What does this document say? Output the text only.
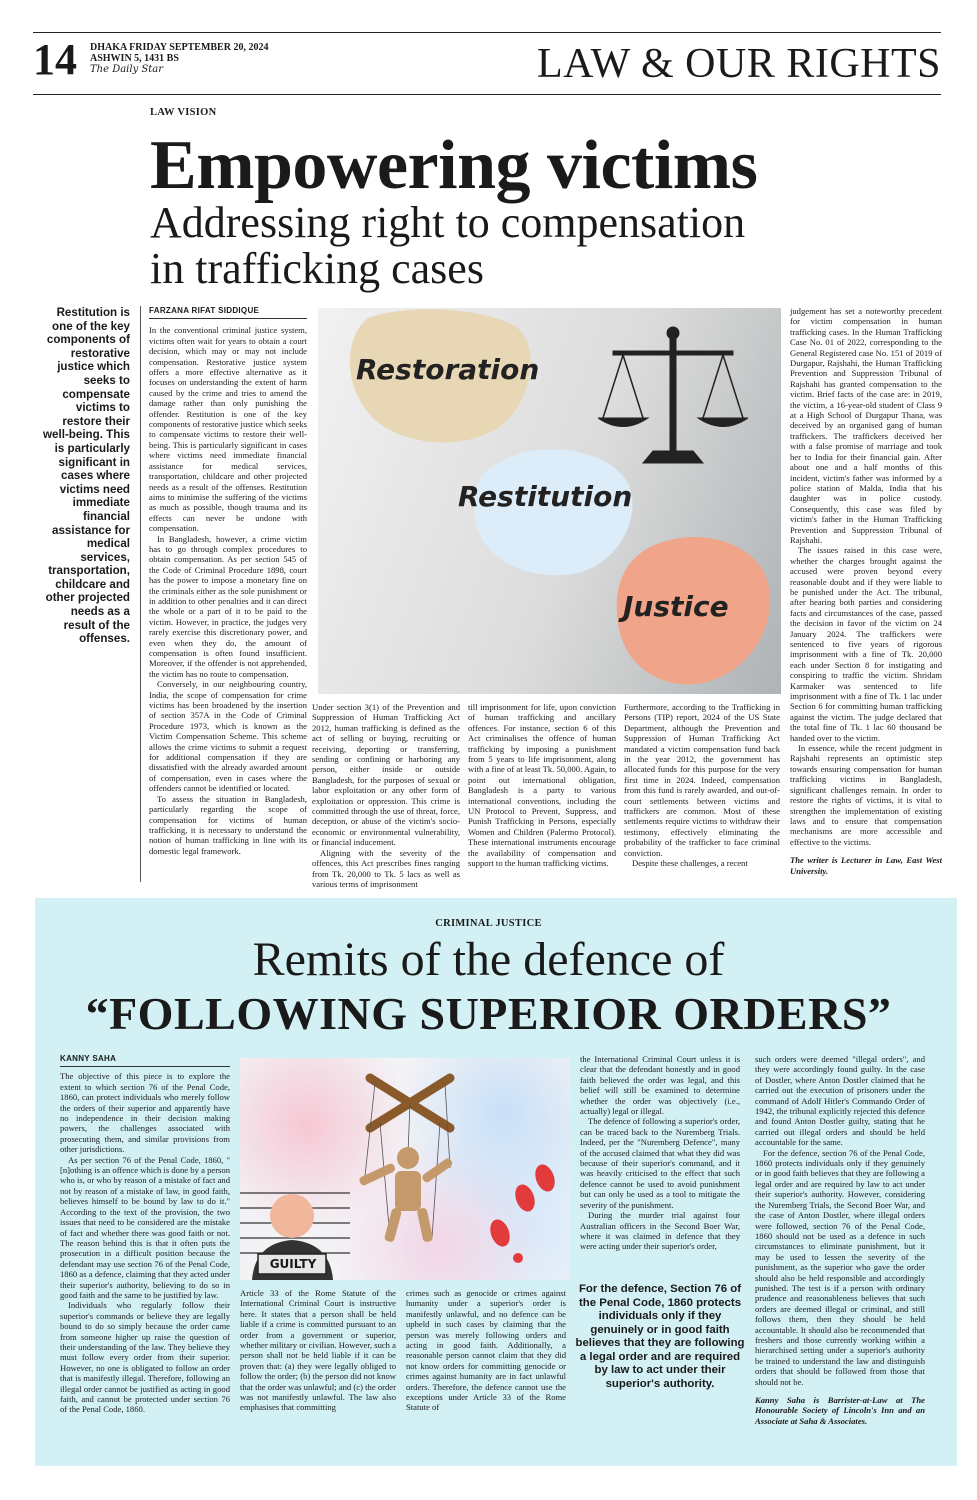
14 DHAKA FRIDAY SEPTEMBER 20, 2024
ASHWIN 5, 1431 BS
The Daily Star	LAW & OUR RIGHTS
LAW VISION
Empowering victims
Addressing right to compensation
in trafficking cases
Restitution is one of the key components of restorative justice which seeks to compensate victims to restore their well-being. This is particularly significant in cases where victims need immediate financial assistance for medical services, transportation, childcare and other projected needs as a result of the offenses.
FARZANA RIFAT SIDDIQUE

In the conventional criminal justice system, victims often wait for years to obtain a court decision, which may or may not include compensation. Restorative justice system offers a more effective alternative as it focuses on understanding the extent of harm caused by the crime and tries to amend the damage rather than only punishing the offender. Restitution is one of the key components of restorative justice which seeks to compensate victims to restore their well-being. This is particularly significant in cases where victims need immediate financial assistance for medical services, transportation, childcare and other projected needs as a result of the offenses. Restitution aims to minimise the suffering of the victims as much as possible, though trauma and its effects can never be undone with compensation.

In Bangladesh, however, a crime victim has to go through complex procedures to obtain compensation. As per section 545 of the Code of Criminal Procedure 1898, court has the power to impose a monetary fine on the criminals either as the sole punishment or in addition to other penalties and it can direct the whole or a part of it to be paid to the victim. However, in practice, the judges very rarely exercise this discretionary power, and even when they do, the amount of compensation is often found insufficient. Moreover, if the offender is not apprehended, the victim has no route to compensation.

Conversely, in our neighbouring country, India, the scope of compensation for crime victims has been broadened by the insertion of section 357A in the Code of Criminal Procedure 1973, which is known as the Victim Compensation Scheme. This scheme allows the crime victims to submit a request for additional compensation if they are dissatisfied with the already awarded amount of compensation, even in cases where the offenders cannot be identified or located.

To assess the situation in Bangladesh, particularly regarding the scope of compensation for victims of human trafficking, it is necessary to understand the notion of human trafficking in line with its domestic legal framework.

Restoration
Restitution
Justice

Under section 3(1) of the Prevention and Suppression of Human Trafficking Act 2012, human trafficking is defined as the act of selling or buying, recruiting or receiving, deporting or transferring, sending or confining or harboring any person, either inside or outside Bangladesh, for the purposes of sexual or labor exploitation or any other form of exploitation or oppression. This crime is committed through the use of threat, force, deception, or abuse of the victim's socio-economic or environmental vulnerability, or financial inducement.

Aligning with the severity of the offences, this Act prescribes fines ranging from Tk. 20,000 to Tk. 5 lacs as well as various terms of imprisonment

till imprisonment for life, upon conviction of human trafficking and ancillary offences. For instance, section 6 of this Act criminalises the offence of human trafficking by imposing a punishment from 5 years to life imprisonment, along with a fine of at least Tk. 50,000. Again, to point out international obligation, Bangladesh is a party to various international conventions, including the UN Protocol to Prevent, Suppress, and Punish Trafficking in Persons, especially Women and Children (Palermo Protocol). These international instruments encourage the availability of compensation and support to the human trafficking victims.

Furthermore, according to the Trafficking in Persons (TIP) report, 2024 of the US State Department, although the Prevention and Suppression of Human Trafficking Act mandated a victim compensation fund back in the year 2012, the government has allocated funds for this purpose for the very first time in 2024. Indeed, compensation from this fund is rarely awarded, and out-of-court settlements between victims and traffickers are common. Most of these settlements require victims to withdraw their testimony, effectively eliminating the probability of the trafficker to face criminal conviction.

Despite these challenges, a recent

judgement has set a noteworthy precedent for victim compensation in human trafficking cases. In the Human Trafficking Case No. 01 of 2022, corresponding to the General Registered case No. 151 of 2019 of Durgapur, Rajshahi, the Human Trafficking Prevention and Suppression Tribunal of Rajshahi has granted compensation to the victim. Brief facts of the case are: in 2019, the victim, a 16-year-old student of Class 9 at a High School of Durgapur Thana, was deceived by an organised gang of human traffickers. The traffickers deceived her with a false promise of marriage and took her to India for their financial gain. After about one and a half months of this incident, victim's father was informed by a police station of Malda, India that his daughter was in police custody. Consequently, this case was filed by victim's father in the Human Trafficking Prevention and Suppression Tribunal of Rajshahi.

The issues raised in this case were, whether the charges brought against the accused were proven beyond every reasonable doubt and if they were liable to be punished under the Act. The tribunal, after hearing both parties and considering facts and circumstances of the case, passed the decision in favor of the victim on 24 January 2024. The traffickers were sentenced to five years of rigorous imprisonment with a fine of Tk. 20,000 each under Section 8 for instigating and conspiring to traffic the victim. Shridam Karmaker was sentenced to life imprisonment with a fine of Tk. 1 lac under Section 6 for committing human trafficking against the victim. The judge declared that the total fine of Tk. 1 lac 60 thousand be handed over to the victim.

In essence, while the recent judgment in Rajshahi represents an optimistic step towards ensuring compensation for human trafficking victims in Bangladesh, significant challenges remain. In order to restore the rights of victims, it is vital to strengthen the implementation of existing laws and to ensure that compensation mechanisms are more accessible and effective to the victims.

The writer is Lecturer in Law, East West University.

CRIMINAL JUSTICE
Remits of the defence of
“FOLLOWING SUPERIOR ORDERS”
KANNY SAHA

The objective of this piece is to explore the extent to which section 76 of the Penal Code, 1860, can protect individuals who merely follow the orders of their superior and apparently have no independence in their decision making powers, the challenges associated with prosecuting them, and similar provisions from other jurisdictions.

As per section 76 of the Penal Code, 1860, "[n]othing is an offence which is done by a person who is, or who by reason of a mistake of fact and not by reason of a mistake of law, in good faith, believes himself to be bound by law to do it." According to the text of the provision, the two issues that need to be considered are the mistake of fact and whether there was good faith or not. The reason behind this is that it often puts the prosecution in a difficult position because the defendant may use section 76 of the Penal Code, 1860 as a defence, claiming that they acted under their superior's authority, believing to do so in good faith and the same to be justified by law.

Individuals who regularly follow their superior's commands or believe they are legally bound to do so simply because the order came from someone higher up raise the question of their understanding of the law. They believe they must follow every order from their superior. However, no one is obligated to follow an order that is manifestly illegal. Therefore, following an illegal order cannot be justified as acting in good faith, and cannot be protected under section 76 of the Penal Code, 1860.

GUILTY

Article 33 of the Rome Statute of the International Criminal Court is instructive here. It states that a person shall be held liable if a crime is committed pursuant to an order from a government or superior, whether military or civilian. However, such a person shall not be held liable if it can be proven that: (a) they were legally obliged to follow the order; (b) the person did not know that the order was unlawful; and (c) the order was not manifestly unlawful. The law also emphasises that committing

crimes such as genocide or crimes against humanity under a superior's order is manifestly unlawful, and no defence can be upheld in such cases by claiming that the person was merely following orders and acting in good faith. Additionally, a reasonable person cannot claim that they did not know orders for committing genocide or crimes against humanity are in fact unlawful orders. Therefore, the defence cannot use the exceptions under Article 33 of the Rome Statute of

the International Criminal Court unless it is clear that the defendant honestly and in good faith believed the order was legal, and this belief will still be examined to determine whether the order was objectively (i.e., actually) legal or illegal.

The defence of following a superior's order, can be traced back to the Nuremberg Trials. Indeed, per the "Nuremberg Defence", many of the accused claimed that what they did was because of their superior's command, and it was heavily criticised to the effect that such defence cannot be used to avoid punishment but can only be used as a tool to mitigate the severity of the punishment.

During the murder trial against four Australian officers in the Second Boer War, where it was claimed in defence that they were acting under their superior's order,

For the defence, Section 76 of the Penal Code, 1860 protects individuals only if they genuinely or in good faith believes that they are following a legal order and are required by law to act under their superior's authority.

such orders were deemed "illegal orders", and they were accordingly found guilty. In the case of Dostler, where Anton Dostler claimed that he carried out the execution of prisoners under the command of Adolf Hitler's Commando Order of 1942, the tribunal explicitly rejected this defence and found Anton Dostler guilty, stating that he carried out illegal orders and should be held accountable for the same.

For the defence, section 76 of the Penal Code, 1860 protects individuals only if they genuinely or in good faith believes that they are following a legal order and are required by law to act under their superior's authority. However, considering the Nuremberg Trials, the Second Boer War, and the case of Anton Dostler, where illegal orders were followed, section 76 of the Penal Code, 1860 should not be used as a defence in such circumstances to eliminate punishment, but it may be used to lessen the severity of the punishment, as the superior who gave the order should also be held responsible and accordingly punished. The test is if a person with ordinary prudence and reasonableness believes that such orders are deemed illegal or criminal, and still follows them, then they should be held accountable. It should also be recommended that freshers and those currently working within a hierarchised setting under a superior's authority be trained to understand the law and distinguish orders that should be followed from those that should not be.

Kanny Saha is Barrister-at-Law at The Honourable Society of Lincoln's Inn and an Associate at Saha & Associates.
